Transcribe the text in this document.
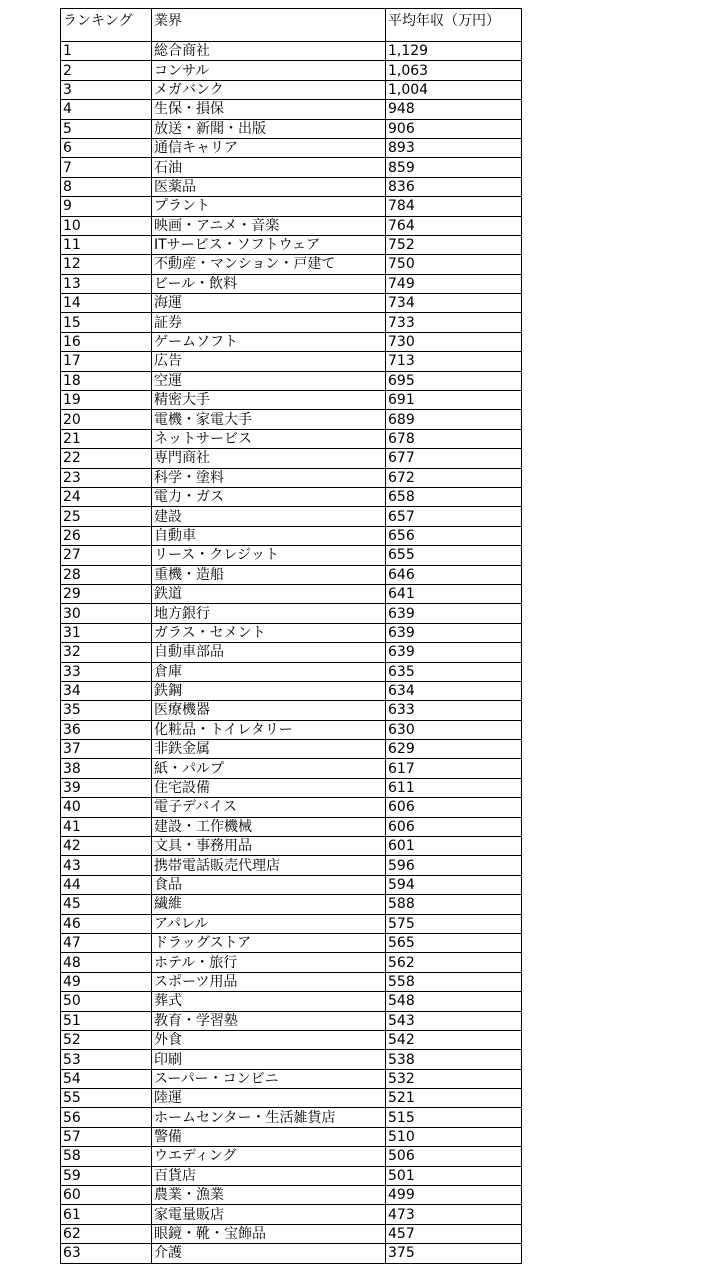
ランキング	業界	平均年収（万円）
1	総合商社	1,129
2	コンサル	1,063
3	メガバンク	1,004
4	生保・損保	948
5	放送・新聞・出版	906
6	通信キャリア	893
7	石油	859
8	医薬品	836
9	プラント	784
10	映画・アニメ・音楽	764
11	ITサービス・ソフトウェア	752
12	不動産・マンション・戸建て	750
13	ビール・飲料	749
14	海運	734
15	証券	733
16	ゲームソフト	730
17	広告	713
18	空運	695
19	精密大手	691
20	電機・家電大手	689
21	ネットサービス	678
22	専門商社	677
23	科学・塗料	672
24	電力・ガス	658
25	建設	657
26	自動車	656
27	リース・クレジット	655
28	重機・造船	646
29	鉄道	641
30	地方銀行	639
31	ガラス・セメント	639
32	自動車部品	639
33	倉庫	635
34	鉄鋼	634
35	医療機器	633
36	化粧品・トイレタリー	630
37	非鉄金属	629
38	紙・パルプ	617
39	住宅設備	611
40	電子デバイス	606
41	建設・工作機械	606
42	文具・事務用品	601
43	携帯電話販売代理店	596
44	食品	594
45	繊維	588
46	アパレル	575
47	ドラッグストア	565
48	ホテル・旅行	562
49	スポーツ用品	558
50	葬式	548
51	教育・学習塾	543
52	外食	542
53	印刷	538
54	スーパー・コンビニ	532
55	陸運	521
56	ホームセンター・生活雑貨店	515
57	警備	510
58	ウエディング	506
59	百貨店	501
60	農業・漁業	499
61	家電量販店	473
62	眼鏡・靴・宝飾品	457
63	介護	375
